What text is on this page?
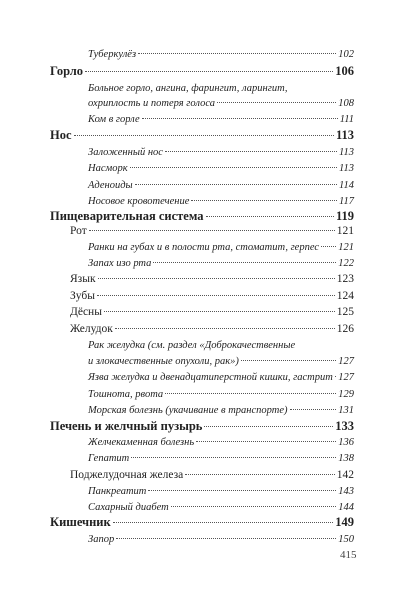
Туберкулёз	102
Горло	106
Больное горло, ангина, фарингит, ларингит,
охриплость и потеря голоса	108
Ком в горле	111
Нос	113
Заложенный нос	113
Насморк	113
Аденоиды	114
Носовое кровотечение	117
Пищеварительная система	119
Рот	121
Ранки на губах и в полости рта, стоматит, герпес 121
Запах изо рта	122
Язык	123
Зубы	124
Дёсны	125
Желудок	126
Рак желудка (см. раздел «Доброкачественные
и злокачественные опухоли, рак»)	127
Язва желудка и двенадцатиперстной кишки, гастрит 127
Тошнота, рвота	129
Морская болезнь (укачивание в транспорте)	131
Печень и желчный пузырь	133
Желчекаменная болезнь	136
Гепатит	138
Поджелудочная железа	142
Панкреатит	143
Сахарный диабет	144
Кишечник	149
Запор	150
415
